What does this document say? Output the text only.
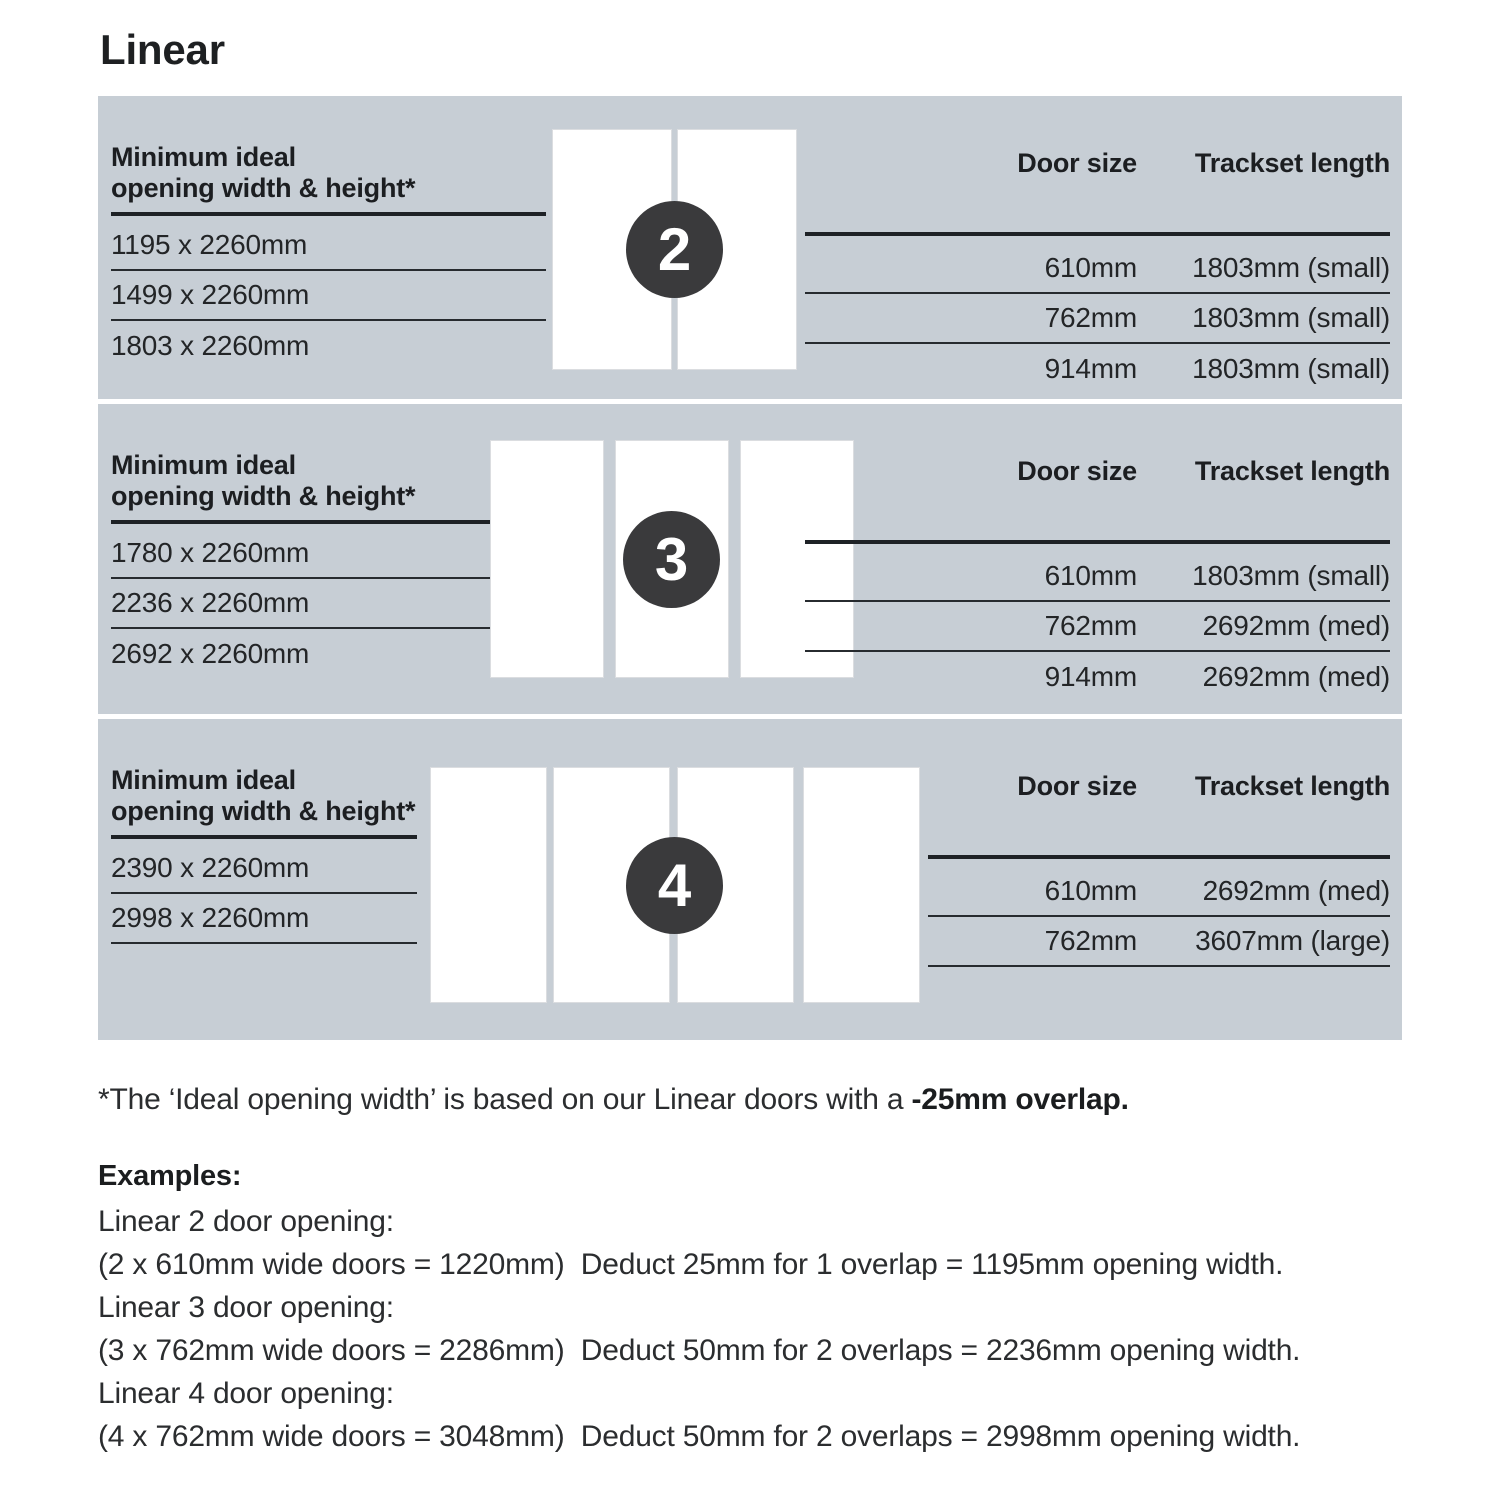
Linear
Minimum ideal
opening width & height*
1195 x 2260mm
1499 x 2260mm
1803 x 2260mm
2
Door size	Trackset length
610mm	1803mm (small)
762mm	1803mm (small)
914mm	1803mm (small)
Minimum ideal
opening width & height*
1780 x 2260mm
2236 x 2260mm
2692 x 2260mm
3
Door size	Trackset length
610mm	1803mm (small)
762mm	2692mm (med)
914mm	2692mm (med)
Minimum ideal
opening width & height*
2390 x 2260mm
2998 x 2260mm	4
Door size	Trackset length
610mm	2692mm (med)
762mm	3607mm (large)

*The ‘Ideal opening width’ is based on our Linear doors with a -25mm overlap.

Examples:

Linear 2 door opening:
(2 x 610mm wide doors = 1220mm)  Deduct 25mm for 1 overlap = 1195mm opening width.
Linear 3 door opening:
(3 x 762mm wide doors = 2286mm)  Deduct 50mm for 2 overlaps = 2236mm opening width.
Linear 4 door opening:
(4 x 762mm wide doors = 3048mm)  Deduct 50mm for 2 overlaps = 2998mm opening width.
